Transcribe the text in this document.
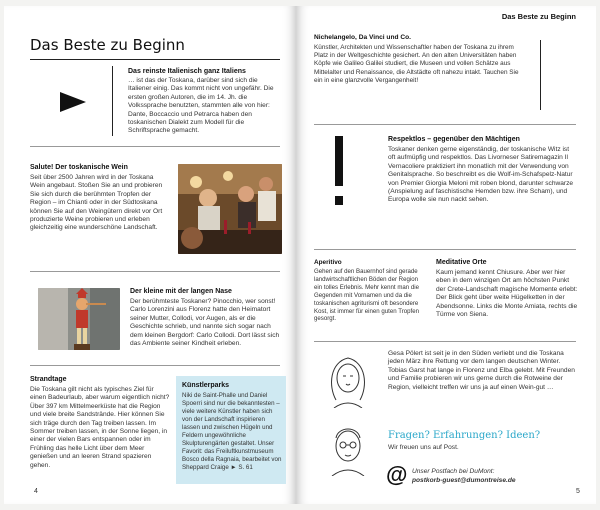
Das Beste zu Beginn
Das reinste Italienisch ganz Italiens
… ist das der Toskana, darüber sind sich die Italiener einig. Das kommt nicht von ungefähr. Die ersten großen Autoren, die im 14. Jh. die Volkssprache benutzten, stammten alle von hier: Dante, Boccaccio und Petrarca haben den toskanischen Dialekt zum Modell für die Schriftsprache gemacht.
Salute! Der toskanische Wein
Seit über 2500 Jahren wird in der Toskana Wein angebaut. Stoßen Sie an und probieren Sie sich durch die berühmten Tropfen der Region – im Chianti oder in der Südtoskana können Sie auf den Weingütern direkt vor Ort produzierte Weine probieren und erleben gleichzeitig eine wunderschöne Landschaft.
Der kleine mit der langen Nase
Der berühmteste Toskaner? Pinocchio, wer sonst! Carlo Lorenzini aus Florenz hatte den Heimatort seiner Mutter, Collodi, vor Augen, als er die Geschichte schrieb, und nannte sich sogar nach dem kleinen Bergdorf: Carlo Collodi. Dort lässt sich das Ambiente seiner Kindheit erleben.
Strandtage
Die Toskana gilt nicht als typisches Ziel für einen Badeurlaub, aber warum eigentlich nicht? Über 397 km Mittelmeerküste hat die Region und viele breite Sandstrände. Hier können Sie sich träge durch den Tag treiben lassen. Im Sommer treiben lassen, in der Sonne liegen, in einer der vielen Bars entspannen oder im Frühling das helle Licht über dem Meer genießen und an leeren Strand spazieren gehen.
Künstlerparks
Niki de Saint-Phalle und Daniel Spoerri sind nur die bekanntesten – viele weitere Künstler haben sich von der Landschaft inspirieren lassen und zwischen Hügeln und Feldern ungewöhnliche Skulpturengärten gestaltet. Unser Favorit: das Freiluftkunstmuseum Bosco della Ragnaia, bearbeitet von Sheppard Craige ► S. 61
4
Das Beste zu Beginn
Nichelangelo, Da Vinci und Co.
Künstler, Architekten und Wissenschaftler haben der Toskana zu ihrem Platz in der Weltgeschichte gesichert. An den alten Universitäten haben Köpfe wie Galileo Galilei studiert, die Museen und vollen Schätze aus Mittelalter und Renaissance, die Altstädte oft nahezu intakt. Tauchen Sie ein in eine glanzvolle Vergangenheit!
Respektlos – gegenüber den Mächtigen
Toskaner denken gerne eigenständig, der toskanische Witz ist oft aufmüpfig und respektlos. Das Livorneser Satiremagazin Il Vernacoliere praktiziert ihn monatlich mit der Verwendung von Genitalsprache. So beschreibt es die Wolf-im-Schafspelz-Natur von Premier Giorgia Meloni mit roben blond, darunter schwarze (Anspielung auf faschistische Hemden bzw. ihre Scham), und Europa wolle sie nun nackt sehen.
Aperitivo
Gehen auf den Bauernhof sind gerade landwirtschaftlichen Böden der Region ein tolles Erlebnis. Mehr kennt man die Gegenden mit Vornamen und da die toskanischen agriturismi oft besondere Kost, ist immer für einen guten Tropfen gesorgt.
Meditative Orte
Kaum jemand kennt Chiusure. Aber wer hier eben in dem winzigen Ort am höchsten Punkt der Crete-Landschaft magische Momente erlebt: Der Blick geht über weite Hügelketten in der Abendsonne. Links die Monte Amiata, rechts die Türme von Siena.
Gesa Pölert ist seit je in den Süden verliebt und die Toskana jeden März ihre Rettung vor dem langen deutschen Winter. Tobias Garst hat lange in Florenz und Elba gelebt. Mit Freunden und Familie probieren wir uns gerne durch die Rotweine der Region, vielleicht treffen wir uns ja auf einen Wein-gut …
Fragen? Erfahrungen? Ideen?
Wir freuen uns auf Post.
@ Unser Postfach bei DuMont:
postkorb-guest@dumontreise.de
5
